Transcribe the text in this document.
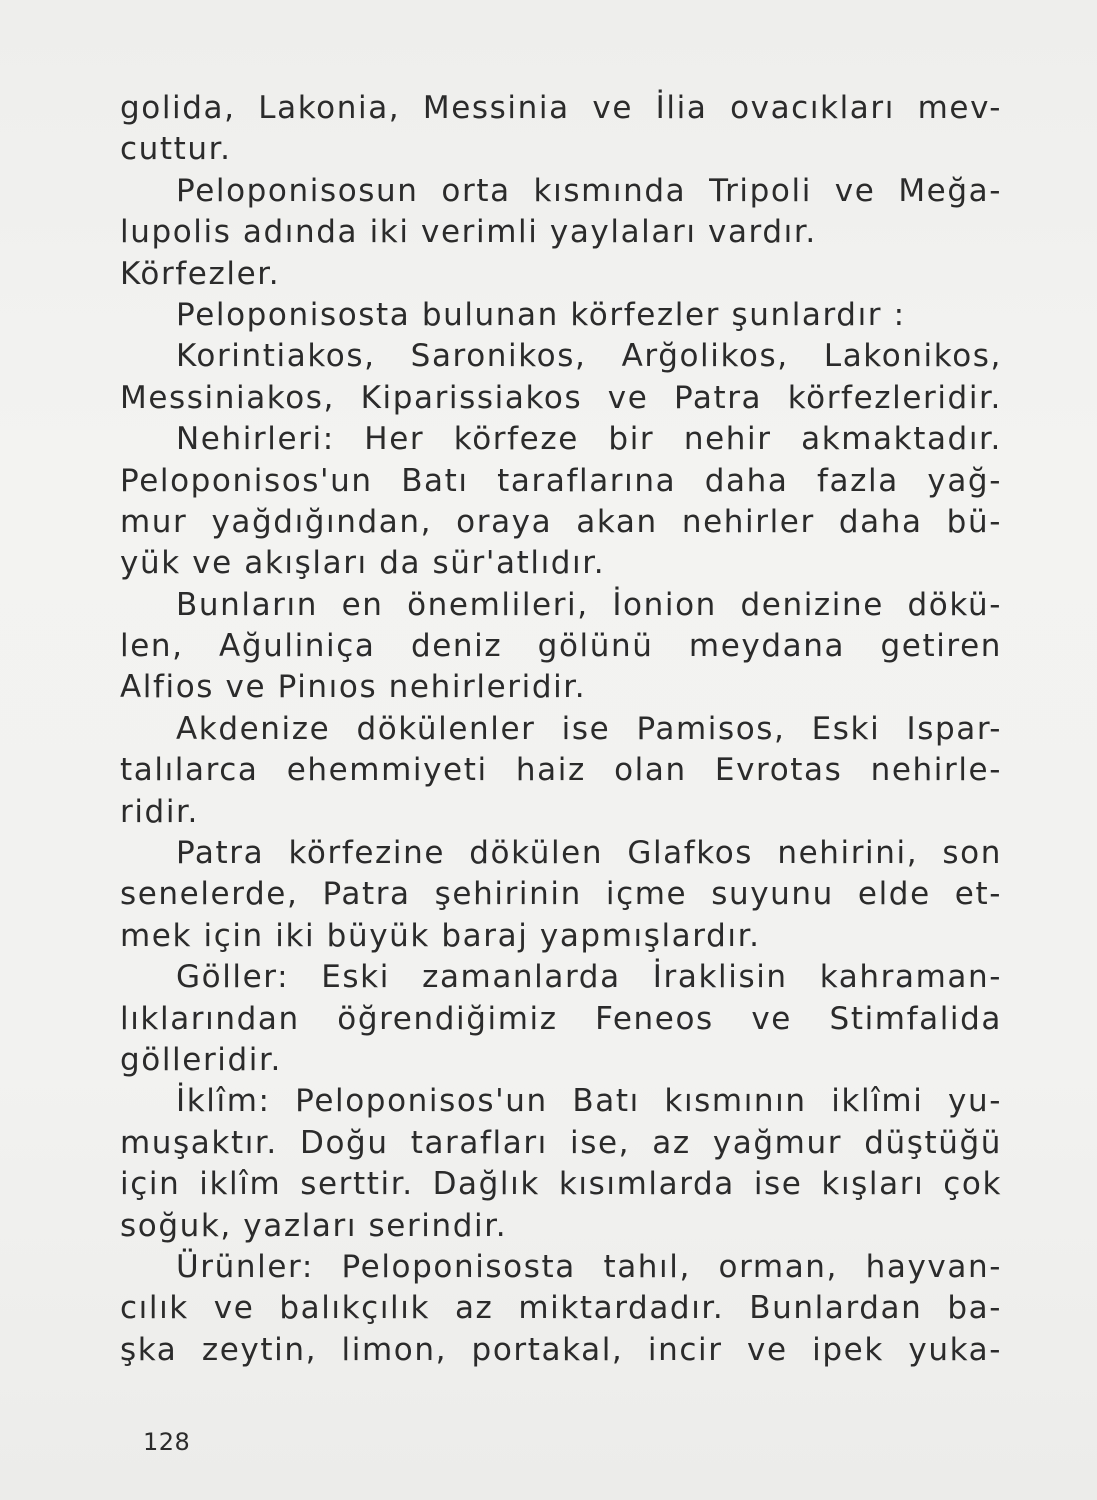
golida, Lakonia, Messinia ve İlia ovacıkları mev-
cuttur.
Peloponisosun orta kısmında Tripoli ve Meğa-
lupolis adında iki verimli yaylaları vardır.
Körfezler.
Peloponisosta bulunan körfezler şunlardır :
Korintiakos, Saronikos, Arğolikos, Lakonikos,
Messiniakos, Kiparissiakos ve Patra körfezleridir.
Nehirleri: Her körfeze bir nehir akmaktadır.
Peloponisos'un Batı taraflarına daha fazla yağ-
mur yağdığından, oraya akan nehirler daha bü-
yük ve akışları da sür'atlıdır.
Bunların en önemlileri, İonion denizine dökü-
len, Ağuliniça deniz gölünü meydana getiren
Alfios ve Pinıos nehirleridir.
Akdenize dökülenler ise Pamisos, Eski Ispar-
talılarca ehemmiyeti haiz olan Evrotas nehirle-
ridir.
Patra körfezine dökülen Glafkos nehirini, son
senelerde, Patra şehirinin içme suyunu elde et-
mek için iki büyük baraj yapmışlardır.
Göller: Eski zamanlarda İraklisin kahraman-
lıklarından öğrendiğimiz Feneos ve Stimfalida
gölleridir.
İklîm: Peloponisos'un Batı kısmının iklîmi yu-
muşaktır. Doğu tarafları ise, az yağmur düştüğü
için iklîm serttir. Dağlık kısımlarda ise kışları çok
soğuk, yazları serindir.
Ürünler: Peloponisosta tahıl, orman, hayvan-
cılık ve balıkçılık az miktardadır. Bunlardan ba-
şka zeytin, limon, portakal, incir ve ipek yuka-
128
